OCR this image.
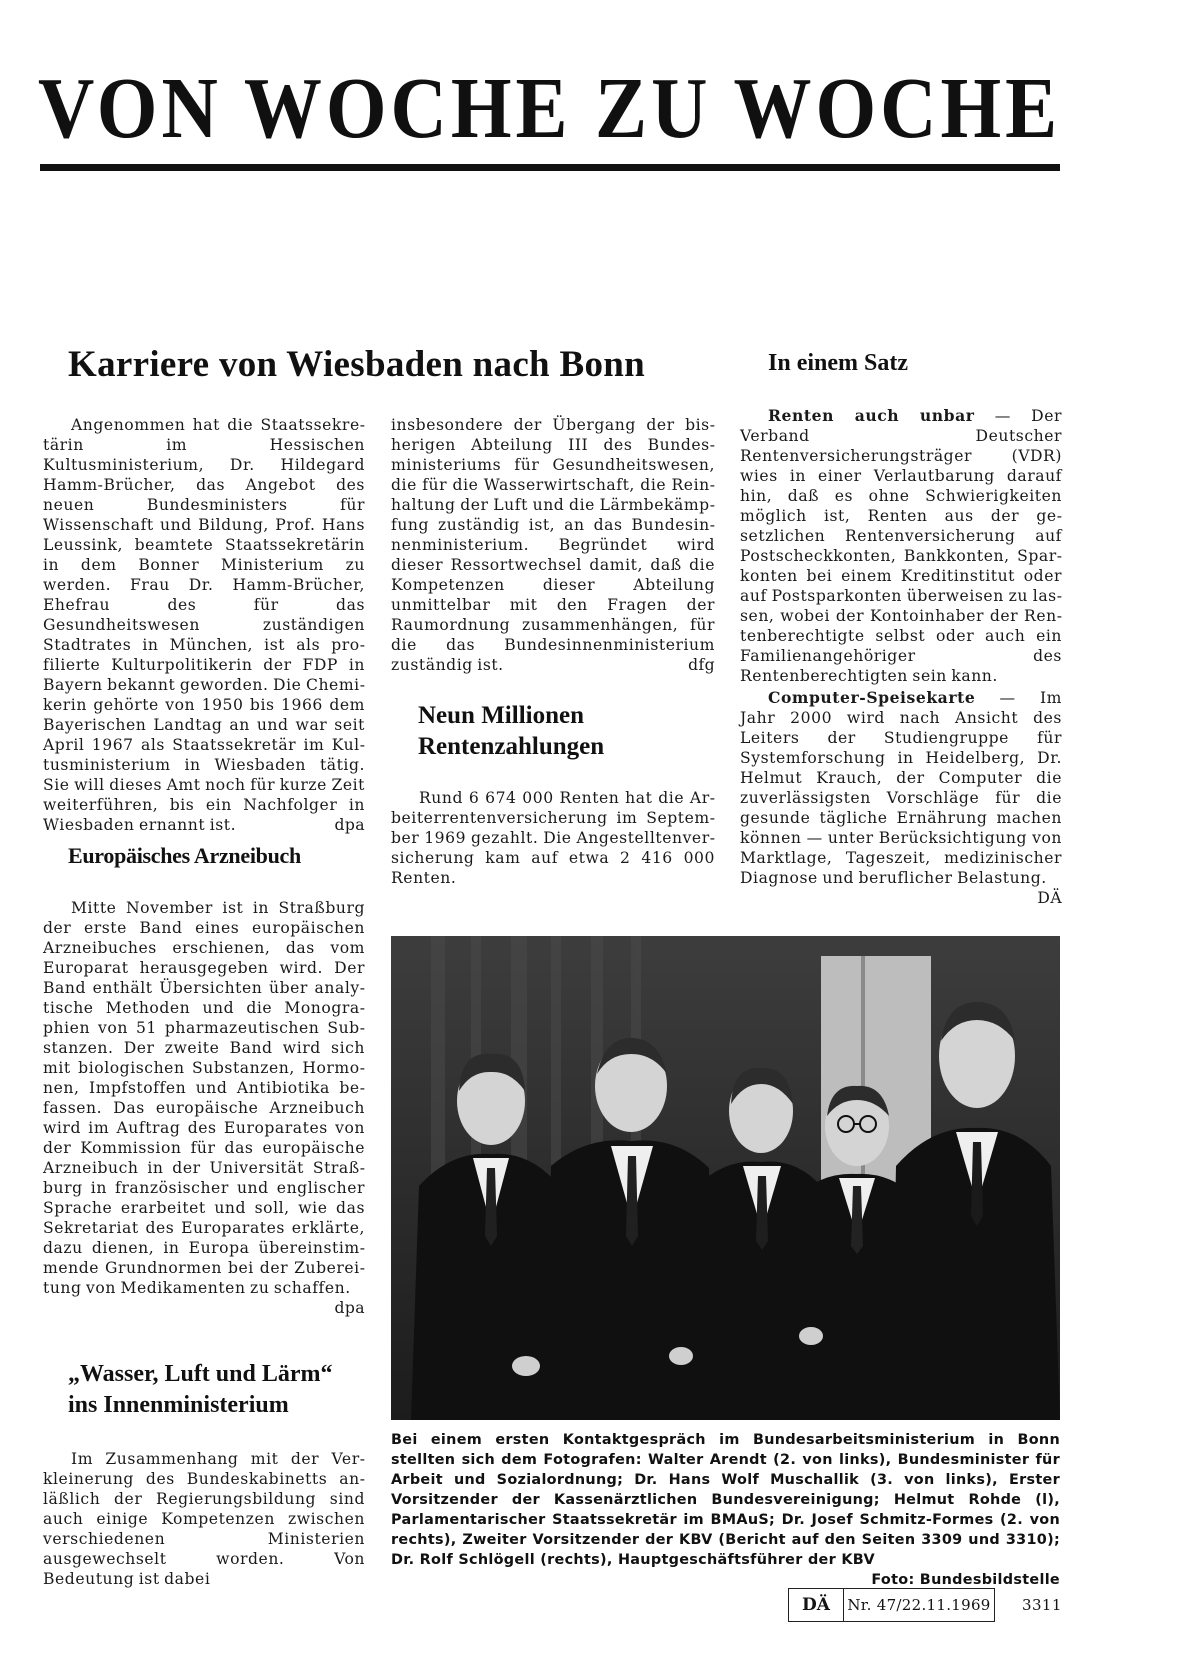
VON WOCHE ZU WOCHE
Karriere von Wiesbaden nach Bonn

Angenommen hat die Staatssekretärin im Hessischen Kultusministerium, Dr. Hildegard Hamm-Brücher, das Angebot des neuen Bundesministers für Wissenschaft und Bildung, Prof. Hans Leussink, beamtete Staatssekretärin in dem Bonner Ministerium zu werden. Frau Dr. Hamm-Brücher, Ehefrau des für das Gesundheitswesen zuständigen Stadtrates in München, ist als profilierte Kulturpolitikerin der FDP in Bayern bekannt geworden. Die Chemikerin gehörte von 1950 bis 1966 dem Bayerischen Landtag an und war seit April 1967 als Staatssekretär im Kultusministerium in Wiesbaden tätig. Sie will dieses Amt noch für kurze Zeit weiterführen, bis ein Nachfolger in Wiesbaden ernannt ist.	dpa

insbesondere der Übergang der bisherigen Abteilung III des Bundesministeriums für Gesundheitswesen, die für die Wasserwirtschaft, die Reinhaltung der Luft und die Lärmbekämpfung zuständig ist, an das Bundesinnenministerium. Begründet wird dieser Ressortwechsel damit, daß die Kompetenzen dieser Abteilung unmittelbar mit den Fragen der Raumordnung zusammenhängen, für die das Bundesinnenministerium zuständig ist.	dfg

Neun Millionen
Rentenzahlungen

Rund 6 674 000 Renten hat die Arbeiterrentenversicherung im September 1969 gezahlt. Die Angestelltenversicherung kam auf etwa 2 416 000 Renten.

In einem Satz

Renten auch unbar — Der Verband Deutscher Rentenversicherungsträger (VDR) wies in einer Verlautbarung darauf hin, daß es ohne Schwierigkeiten möglich ist, Renten aus der gesetzlichen Rentenversicherung auf Postscheckkonten, Bankkonten, Sparkonten bei einem Kreditinstitut oder auf Postsparkonten überweisen zu lassen, wobei der Kontoinhaber der Rentenberechtigte selbst oder auch ein Familienangehöriger des Rentenberechtigten sein kann.

Computer-Speisekarte — Im Jahr 2000 wird nach Ansicht des Leiters der Studiengruppe für Systemforschung in Heidelberg, Dr. Helmut Krauch, der Computer die zuverlässigsten Vorschläge für die gesunde tägliche Ernährung machen können — unter Berücksichtigung von Marktlage, Tageszeit, medizinischer Diagnose und beruflicher Belastung.
DÄ

Europäisches Arzneibuch

Mitte November ist in Straßburg der erste Band eines europäischen Arzneibuches erschienen, das vom Europarat herausgegeben wird. Der Band enthält Übersichten über analytische Methoden und die Monographien von 51 pharmazeutischen Substanzen. Der zweite Band wird sich mit biologischen Substanzen, Hormonen, Impfstoffen und Antibiotika befassen. Das europäische Arzneibuch wird im Auftrag des Europarates von der Kommission für das europäische Arzneibuch in der Universität Straßburg in französischer und englischer Sprache erarbeitet und soll, wie das Sekretariat des Europarates erklärte, dazu dienen, in Europa übereinstimmende Grundnormen bei der Zubereitung von Medikamenten zu schaffen.
dpa

„Wasser, Luft und Lärm“
ins Innenministerium

Im Zusammenhang mit der Verkleinerung des Bundeskabinetts anläßlich der Regierungsbildung sind auch einige Kompetenzen zwischen verschiedenen Ministerien ausgewechselt worden. Von Bedeutung ist dabei

Bei einem ersten Kontaktgespräch im Bundesarbeitsministerium in Bonn stellten sich dem Fotografen: Walter Arendt (2. von links), Bundesminister für Arbeit und Sozialordnung; Dr. Hans Wolf Muschallik (3. von links), Erster Vorsitzender der Kassenärztlichen Bundesvereinigung; Helmut Rohde (l), Parlamentarischer Staatssekretär im BMAuS; Dr. Josef Schmitz-Formes (2. von rechts), Zweiter Vorsitzender der KBV (Bericht auf den Seiten 3309 und 3310); Dr. Rolf Schlögell (rechts), Hauptgeschäftsführer der KBV
Foto: Bundesbildstelle

DÄ	Nr. 47/22.11.1969 3311
